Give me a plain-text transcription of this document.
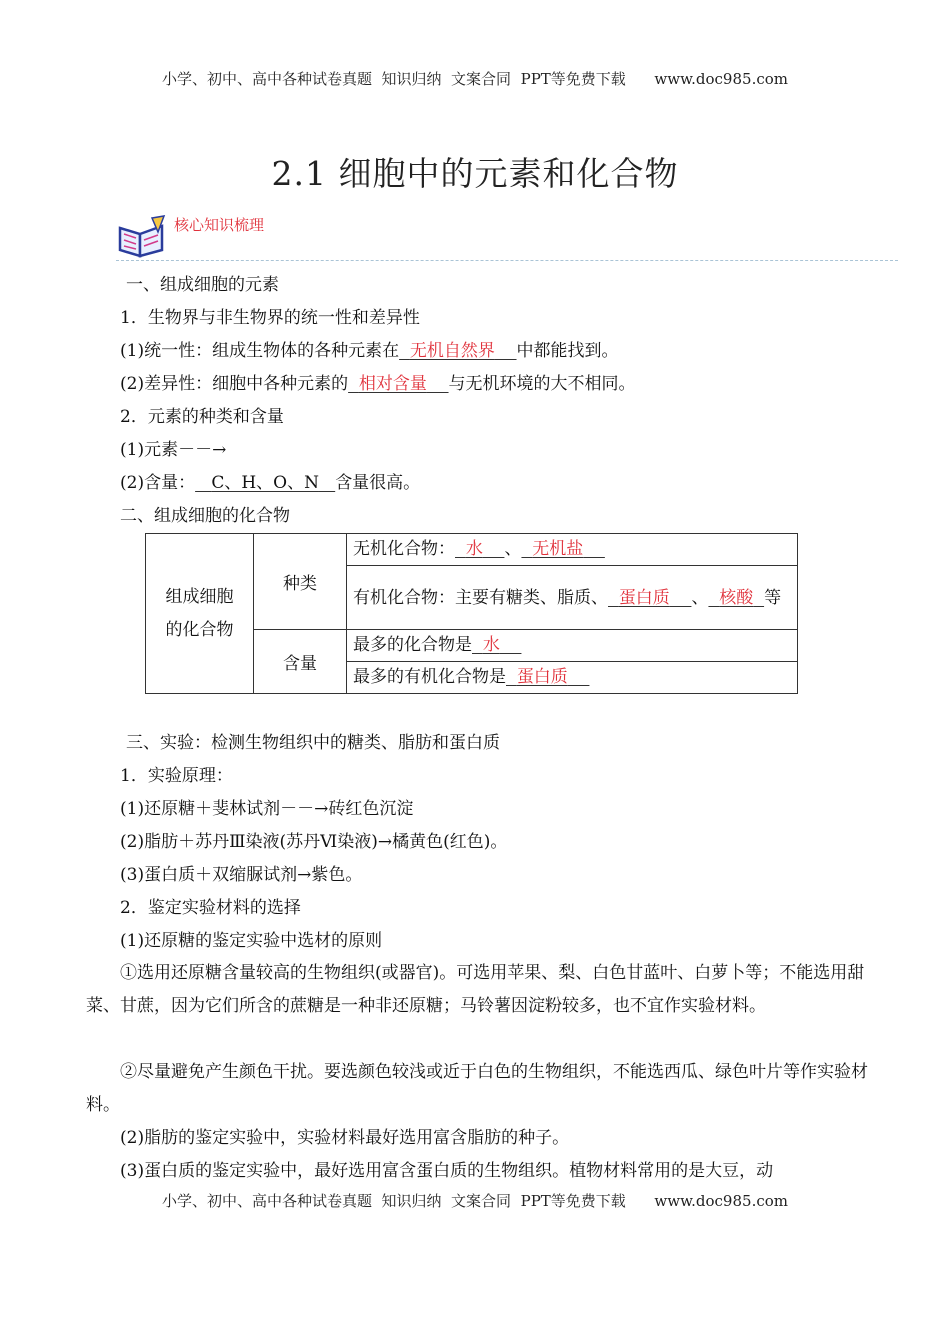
小学、初中、高中各种试卷真题  知识归纳  文案合同  PPT等免费下载      www.doc985.com
2.1 细胞中的元素和化合物
核心知识梳理
一、组成细胞的元素
1．生物界与非生物界的统一性和差异性
(1)统一性：组成生物体的各种元素在 无机自然界 中都能找到。
(2)差异性：细胞中各种元素的 相对含量 与无机环境的大不相同。
2．元素的种类和含量
(1)元素－－→
(2)含量： C、H、O、N 含量很高。
二、组成细胞的化合物
组成细胞的化合物	种类	无机化合物： 水 、 无机盐
		有机化合物：主要有糖类、脂质、 蛋白质 、 核酸 等
	含量	最多的化合物是 水
		最多的有机化合物是 蛋白质
三、实验：检测生物组织中的糖类、脂肪和蛋白质
1．实验原理：
(1)还原糖＋斐林试剂－－→砖红色沉淀
(2)脂肪＋苏丹Ⅲ染液(苏丹Ⅵ染液)→橘黄色(红色)。
(3)蛋白质＋双缩脲试剂→紫色。
2．鉴定实验材料的选择
(1)还原糖的鉴定实验中选材的原则
①选用还原糖含量较高的生物组织(或器官)。可选用苹果、梨、白色甘蓝叶、白萝卜等；不能选用甜菜、甘蔗，因为它们所含的蔗糖是一种非还原糖；马铃薯因淀粉较多，也不宜作实验材料。
②尽量避免产生颜色干扰。要选颜色较浅或近于白色的生物组织，不能选西瓜、绿色叶片等作实验材料。
(2)脂肪的鉴定实验中，实验材料最好选用富含脂肪的种子。
(3)蛋白质的鉴定实验中，最好选用富含蛋白质的生物组织。植物材料常用的是大豆，动
小学、初中、高中各种试卷真题  知识归纳  文案合同  PPT等免费下载      www.doc985.com
